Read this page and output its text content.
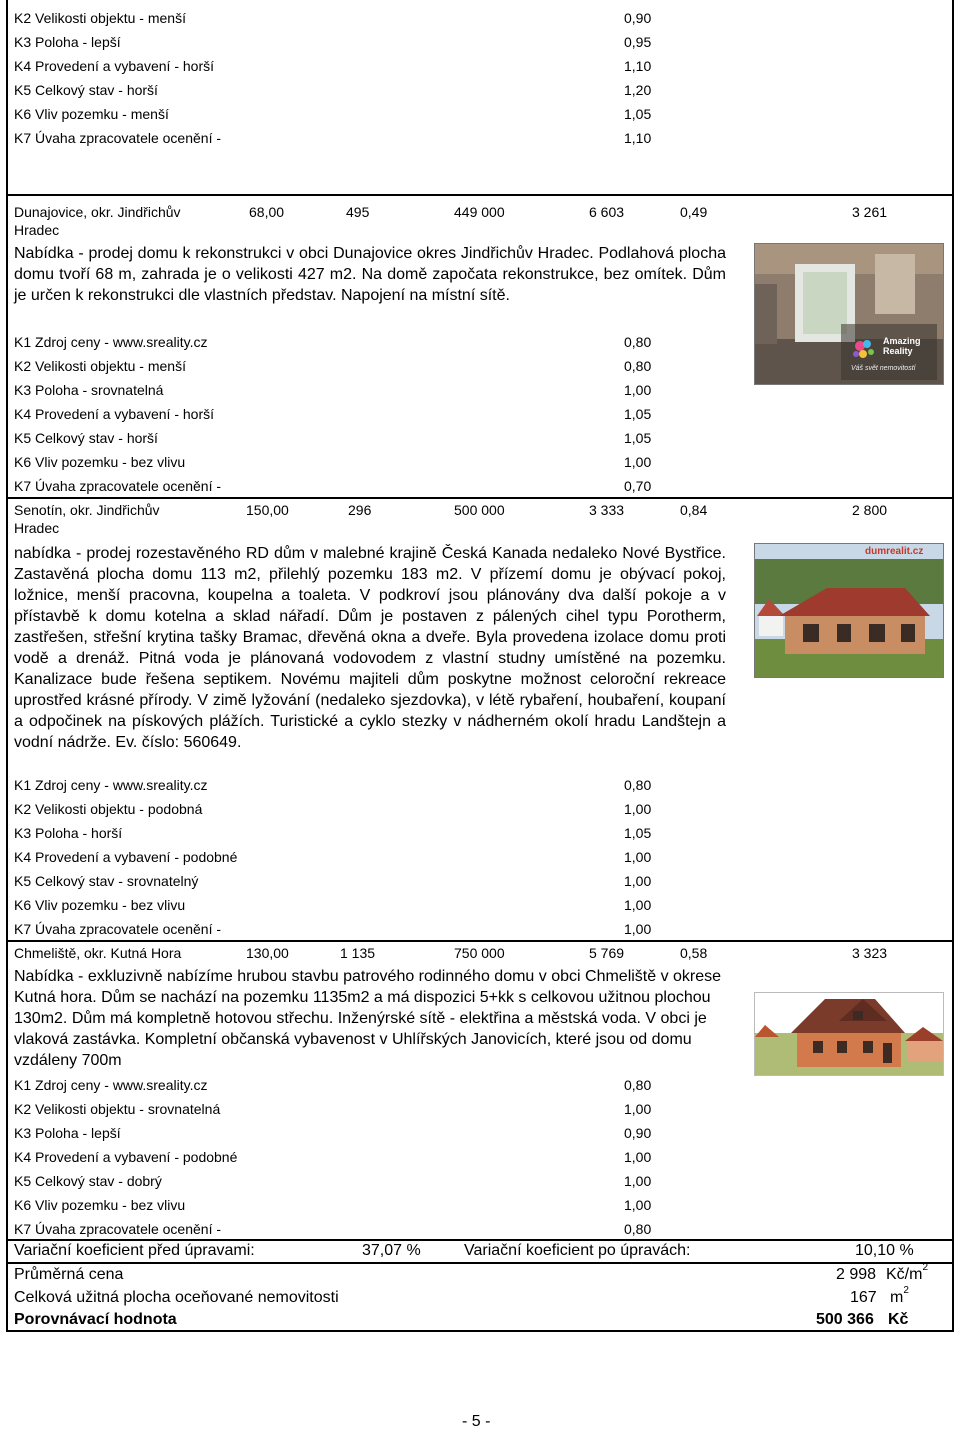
K2 Velikosti objektu - menší	0,90
K3 Poloha - lepší	0,95
K4 Provedení a vybavení - horší	1,10
K5 Celkový stav - horší	1,20
K6 Vliv pozemku - menší	1,05
K7 Úvaha zpracovatele ocenění -	1,10
Dunajovice, okr. Jindřichův
Hradec
68,00	495	449 000	6 603	0,49	3 261
Nabídka - prodej domu k rekonstrukci v obci Dunajovice okres Jindřichův Hradec. Podlahová plocha domu tvoří 68 m, zahrada je o velikosti 427 m2. Na domě započata rekonstrukce, bez omítek. Dům je určen k rekonstrukci dle vlastních představ. Napojení na místní sítě.
Amazing Reality
Váš svět nemovitostí
K1 Zdroj ceny - www.sreality.cz	0,80
K2 Velikosti objektu - menší	0,80
K3 Poloha - srovnatelná	1,00
K4 Provedení a vybavení - horší	1,05
K5 Celkový stav - horší	1,05
K6 Vliv pozemku - bez vlivu	1,00
K7 Úvaha zpracovatele ocenění -	0,70
Senotín, okr. Jindřichův
Hradec
150,00	296	500 000	3 333	0,84	2 800
nabídka - prodej rozestavěného RD dům v malebné krajině Česká Kanada nedaleko Nové Bystřice. Zastavěná plocha domu 113 m2, přilehlý pozemku 183 m2. V přízemí domu je obývací pokoj, ložnice, menší pracovna, koupelna a toaleta. V podkroví jsou plánovány dva další pokoje a v přístavbě k domu kotelna a sklad nářadí. Dům je postaven z pálených cihel typu Porotherm, zastřešen, střešní krytina tašky Bramac, dřevěná okna a dveře. Byla provedena izolace domu proti vodě a drenáž. Pitná voda je plánovaná vodovodem z vlastní studny umístěné na pozemku. Kanalizace bude řešena septikem. Novému majiteli dům poskytne možnost celoroční rekreace uprostřed krásné přírody. V zimě lyžování (nedaleko sjezdovka), v létě rybaření, houbaření, koupaní a odpočinek na pískových plážích. Turistické a cyklo stezky v nádherném okolí hradu Landštejn a vodní nádrže. Ev. číslo: 560649.
dumrealit.cz
K1 Zdroj ceny - www.sreality.cz	0,80
K2 Velikosti objektu - podobná	1,00
K3 Poloha - horší	1,05
K4 Provedení a vybavení - podobné	1,00
K5 Celkový stav - srovnatelný	1,00
K6 Vliv pozemku - bez vlivu	1,00
K7 Úvaha zpracovatele ocenění -	1,00
Chmeliště, okr. Kutná Hora	130,00	1 135	750 000	5 769	0,58	3 323
Nabídka - exkluzivně nabízíme hrubou stavbu patrového rodinného domu v obci Chmeliště v okrese Kutná hora. Dům se nachází na pozemku 1135m2 a má dispozici 5+kk s celkovou užitnou plochou 130m2. Dům má kompletně hotovou střechu. Inženýrské sítě - elektřina a městská voda. V obci je vlaková zastávka. Kompletní občanská vybavenost v Uhlířských Janovicích, které jsou od domu vzdáleny 700m
K1 Zdroj ceny - www.sreality.cz	0,80
K2 Velikosti objektu - srovnatelná	1,00
K3 Poloha - lepší	0,90
K4 Provedení a vybavení - podobné	1,00
K5 Celkový stav - dobrý	1,00
K6 Vliv pozemku - bez vlivu	1,00
K7 Úvaha zpracovatele ocenění -	0,80
Variační koeficient před úpravami:	37,07 %	Variační koeficient po úpravách:	10,10 %
Průměrná cena	2 998 $Kč/m^2$
Celková užitná plocha oceňované nemovitosti	167 $m^2$
Porovnávací hodnota	500 366 Kč
- 5 -
